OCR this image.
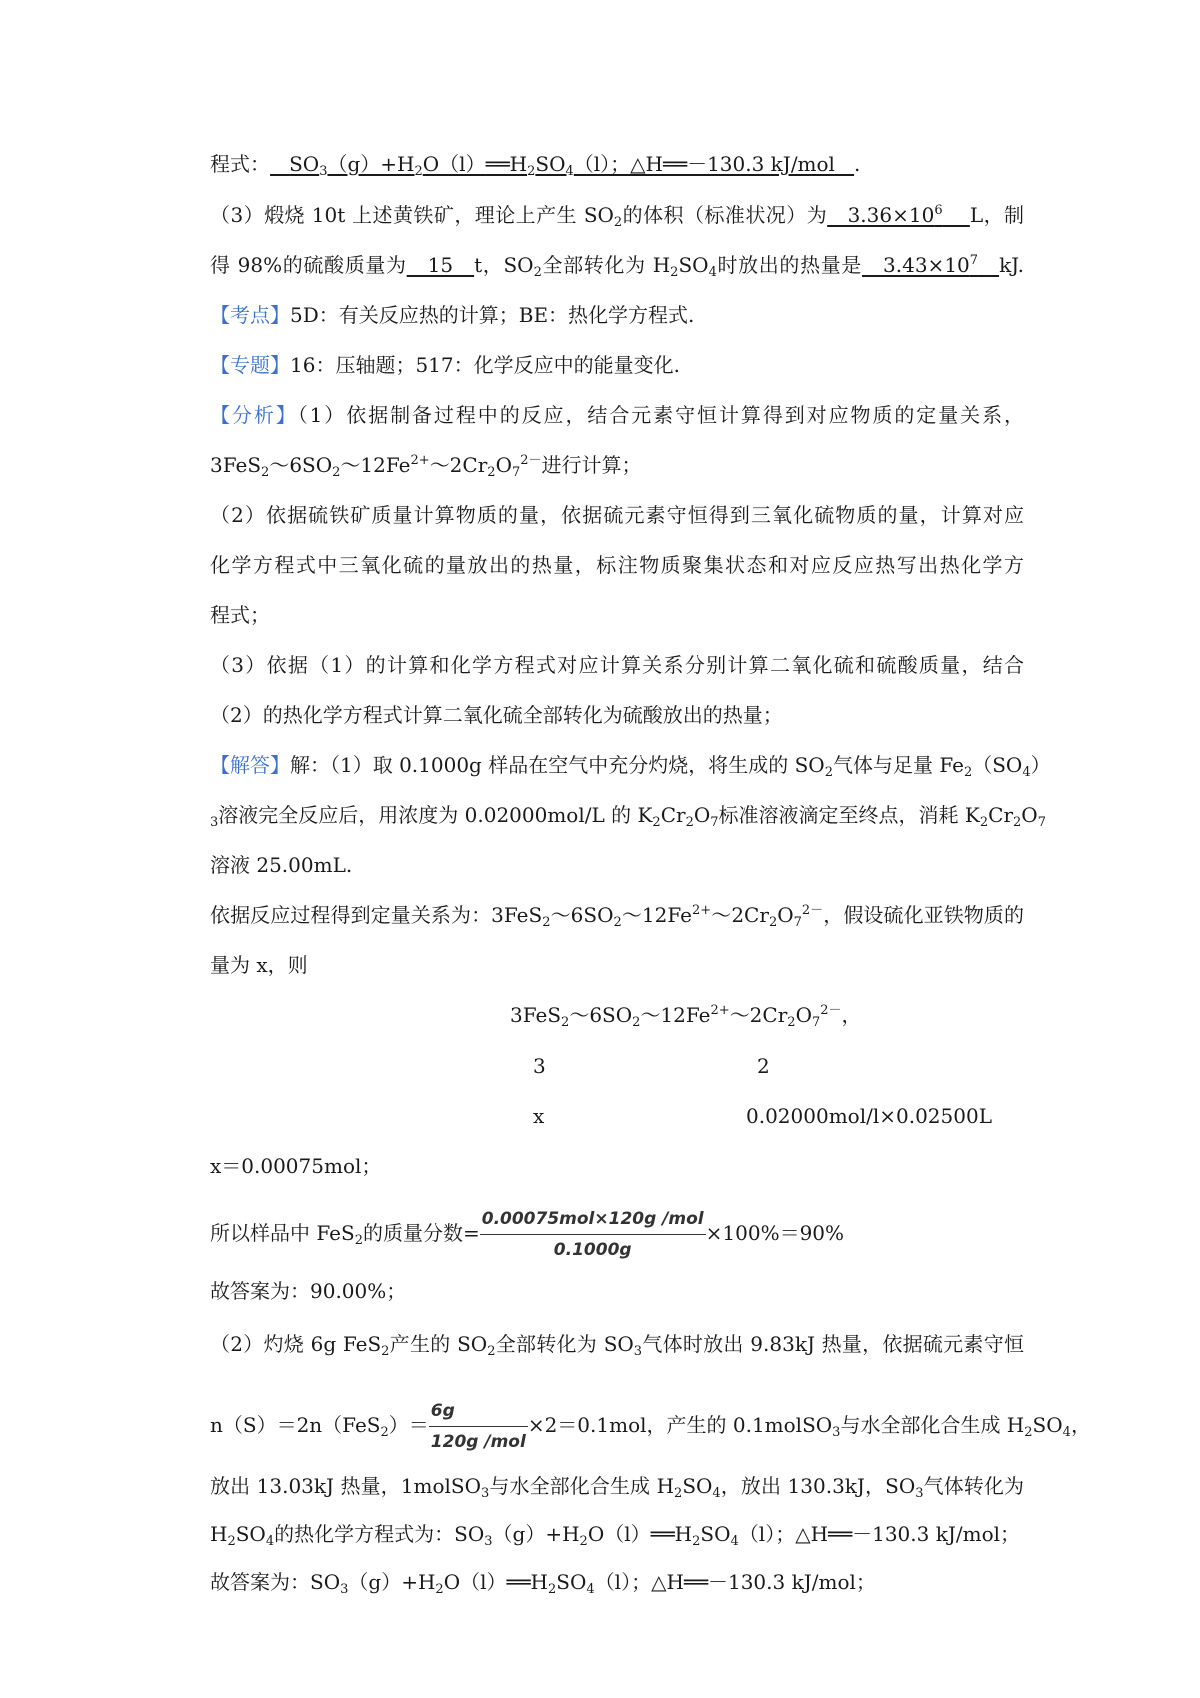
程式： $SO_3(g)+H_2O(l)══H_2SO_4(l)$；△H══－130.3 kJ/mol .
（3）煅烧 10t 上述黄铁矿，理论上产生 $SO_2$的体积（标准状况）为   $3.36\times 10^6$ L，制
得 98%的硫酸质量为   15   t，$SO_2$全部转化为 $H_2SO_4$时放出的热量是   $3.43\times 10^7$ kJ.
【考点】5D：有关反应热的计算；BE：热化学方程式.
【专题】16：压轴题；517：化学反应中的能量变化.
【分析】（1）依据制备过程中的反应，结合元素守恒计算得到对应物质的定量关系，
$3FeS_2\sim 6SO_2\sim 12Fe^{2+}\sim 2Cr_2O_7^{2-}$进行计算；
（2）依据硫铁矿质量计算物质的量，依据硫元素守恒得到三氧化硫物质的量，计算对应
化学方程式中三氧化硫的量放出的热量，标注物质聚集状态和对应反应热写出热化学方
程式；
（3）依据（1）的计算和化学方程式对应计算关系分别计算二氧化硫和硫酸质量，结合
（2）的热化学方程式计算二氧化硫全部转化为硫酸放出的热量；
【解答】解：（1）取 0.1000g 样品在空气中充分灼烧，将生成的 $SO_2$气体与足量 $Fe_2(SO_4)$
$_3$溶液完全反应后，用浓度为 0.02000mol/L 的 $K_2Cr_2O_7$标准溶液滴定至终点，消耗 $K_2Cr_2O_7$
溶液 25.00mL.
依据反应过程得到定量关系为：$3FeS_2\sim 6SO_2\sim 12Fe^{2+}\sim 2Cr_2O_7^{2-}$，假设硫化亚铁物质的
量为 x，则
$3FeS_2\sim 6SO_2\sim 12Fe^{2+}\sim 2Cr_2O_7^{2-}$，
3	2
x	0.02000mol/l×0.02500L
x＝0.00075mol；
所以样品中 FeS$_2$的质量分数= $\frac{\text{0.00075mol×120g /mol}}{0.1000g} \times 100\%=90\%$
故答案为：90.00%；
（2）灼烧 6g FeS$_2$产生的 $SO_2$全部转化为 $SO_3$气体时放出 9.83kJ 热量，依据硫元素守恒
$n(S)=2n(FeS_2)= \frac{6g}{\text{120g /mol}} \times 2=0.1mol$，产生的 0.1molSO$_3$与水全部化合生成 $H_2SO_4$，
放出 13.03kJ 热量，1molSO$_3$与水全部化合生成 $H_2SO_4$，放出 130.3kJ，$SO_3$气体转化为
$H_2SO_4$的热化学方程式为：$SO_3(g)+H_2O(l)══H_2SO_4(l)$；△H══－130.3 kJ/mol；
故答案为：$SO_3(g)+H_2O(l)══H_2SO_4(l)$；△H══－130.3 kJ/mol；
